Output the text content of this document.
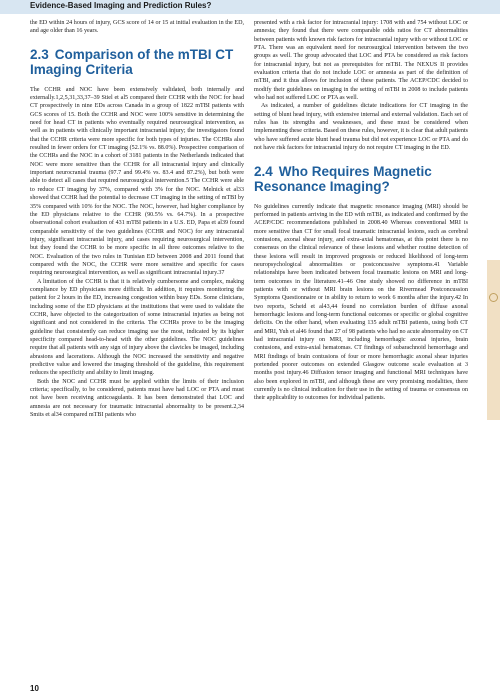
Evidence-Based Imaging and Prediction Rules?

the ED within 24 hours of injury, GCS score of 14 or 15 at initial evaluation in the ED, and age older than 16 years.

2.3 Comparison of the mTBI CT Imaging Criteria

The CCHR and NOC have been extensively validated, both internally and externally.1,2,5,31,33,37–39 Stiel et al5 compared their CCHR with the NOC for head CT prospectively in nine EDs across Canada in a group of 1822 mTBI patients with GCS scores of 15. Both the CCHR and NOC were 100% sensitive in determining the need for head CT in patients who eventually required neurosurgical intervention, as well as in patients with clinically important intracranial injury; the investigators found that the CCHR criteria were more specific for both types of injuries. The CCHRs also resulted in fewer orders for CT imaging (52.1% vs. 88.0%). Prospective comparison of the CCHRs and the NOC in a cohort of 3181 patients in the Netherlands indicated that NOC were more sensitive than the CCHR for all intracranial injury and clinically important neurocranial trauma (97.7 and 99.4% vs. 83.4 and 87.2%), but both were able to detect all cases that required neurosurgical intervention.5 The CCHR were able to reduce CT imaging by 37%, compared with 3% for the NOC. Melnick et al33 showed that CCHR had the potential to decrease CT imaging in the setting of mTBI by 35% compared with 10% for the NOC. The NOC, however, had higher compliance by the ED physicians relative to the CCHR (90.5% vs. 64.7%). In a prospective observational cohort evaluation of 431 mTBI patients in a U.S. ED, Papa et al39 found comparable sensitivity of the two guidelines (CCHR and NOC) for any intracranial injury, significant intracranial injury, and cases requiring neurosurgical intervention, but they found the CCHR to be more specific in all three outcomes relative to the NOC. Evaluation of the two rules in Tunisian ED between 2008 and 2011 found that compared with the NOC, the CCHR were more sensitive and specific for cases requiring neurosurgical intervention, as well as significant intracranial injury.37

A limitation of the CCHR is that it is relatively cumbersome and complex, making compliance by ED physicians more difficult. In addition, it requires monitoring the patient for 2 hours in the ED, increasing congestion within busy EDs. Some clinicians, including some of the ED physicians at the institutions that were used to validate the CCHR, have objected to the categorization of some intracranial injuries as being not significant and not considered in the criteria. The CCHRs prove to be the imaging guideline that consistently can reduce imaging use the most, indicated by its higher specificity compared head-to-head with the other guidelines. The NOC guidelines require that all patients with any sign of injury above the clavicles be imaged, including abrasions and lacerations. Although the NOC increased the sensitivity and negative predictive value and lowered the imaging threshold of the guideline, this requirement reduces the specificity and ability to limit imaging.

Both the NOC and CCHR must be applied within the limits of their inclusion criteria; specifically, to be considered, patients must have had LOC or PTA and must not have been receiving anticoagulants. It has been demonstrated that LOC and amnesia are not necessary for traumatic intracranial abnormality to be present.2,34 Smits et al34 compared mTBI patients who

presented with a risk factor for intracranial injury: 1708 with and 754 without LOC or amnesia; they found that there were comparable odds ratios for CT abnormalities between patients with known risk factors for intracranial injury with or without LOC or PTA. There was an equivalent need for neurosurgical intervention between the two groups as well. The group advocated that LOC and PTA be considered as risk factors for intracranial injury, but not as prerequisites for mTBI. The NEXUS II provides evaluation criteria that do not include LOC or amnesia as part of the definition of mTBI, and it thus allows for inclusion of these patients. The ACEP/CDC decided to modify their guidelines on imaging in the setting of mTBI in 2008 to include patients who had not suffered LOC or PTA as well.

As indicated, a number of guidelines dictate indications for CT imaging in the setting of blunt head injury, with extensive internal and external validation. Each set of rules has its strengths and weaknesses, and these must be considered when implementing these criteria. Based on these rules, however, it is clear that adult patients who have suffered acute blunt head trauma but did not experience LOC or PTA and do not have risk factors for intracranial injury do not require CT imaging in the ED.

2.4 Who Requires Magnetic Resonance Imaging?

No guidelines currently indicate that magnetic resonance imaging (MRI) should be performed in patients arriving in the ED with mTBI, as indicated and confirmed by the ACEP/CDC recommendations published in 2008.40 Whereas conventional MRI is more sensitive than CT for small focal traumatic intracranial lesions, such as cerebral contusions, axonal shear injury, and extra-axial hematomas, at this point there is no consensus on the clinical relevance of these lesions and whether routine detection of these lesions will result in improved prognosis or reduced likelihood of long-term neuropsychological abnormalities or postconcussive symptoms.41 Variable relationships have been indicated between focal traumatic lesions on MRI and long-term outcomes in the literature.41–46 One study showed no difference in mTBI patients with or without MRI brain lesions on the Rivermead Postconcussion Symptoms Questionnaire or in ability to return to work 6 months after the injury.42 In two reports, Scheid et al43,44 found no correlation burden of diffuse axonal hemorrhagic lesions and long-term functional outcomes or specific or global cognitive deficits. On the other hand, when evaluating 135 adult mTBI patients, using both CT and MRI, Yuh et al46 found that 27 of 98 patients who had no acute abnormality on CT had intracranial injury on MRI, including hemorrhagic axonal injuries, brain contusions, and extra-axial hematomas. CT findings of subarachnoid hemorrhage and MRI findings of brain contusions of four or more hemorrhagic axonal shear injuries portended poorer outcomes on extended Glasgow outcome scale evaluation at 3 months post injury.46 Diffusion tensor imaging and functional MRI techniques have also been explored in mTBI, and although these are very promising modalities, there currently is no clinical indication for their use in the setting of trauma or consensus on their applicability to outcomes for individual patients.

10
